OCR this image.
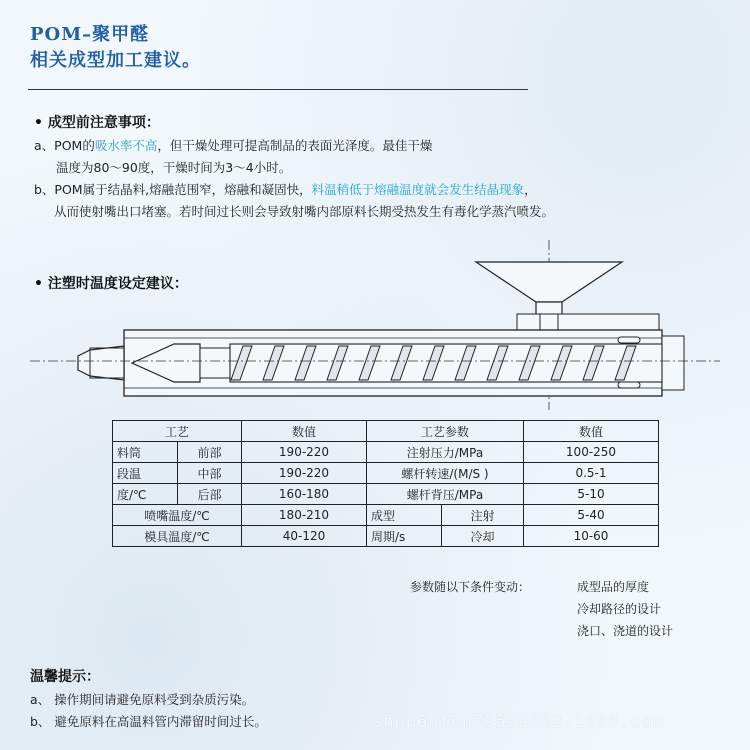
POM–聚甲醛
相关成型加工建议。
• 成型前注意事项：
a、POM的吸水率不高，但干燥处理可提高制品的表面光泽度。最佳干燥
温度为80～90度，干燥时间为3～4小时。
b、POM属于结晶料,熔融范围窄，熔融和凝固快，料温稍低于熔融温度就会发生结晶现象，
从而使射嘴出口堵塞。若时间过长则会导致射嘴内部原料长期受热发生有毒化学蒸汽喷发。
• 注塑时温度设定建议：
工艺		数值	工艺参数		数值
料筒	前部	190-220	注射压力/MPa		100-250
段温	中部	190-220	螺杆转速/(M/S )		0.5-1
度/℃	后部	160-180	螺杆背压/MPa		5-10
喷嘴温度/℃		180-210	成型	注射	5-40
模具温度/℃		40-120	周期/s	冷却	10-60
参数随以下条件变动：	成型品的厚度
冷却路径的设计
浇口、浇道的设计
温馨提示：
a、 操作期间请避免原料受到杂质污染。
b、 避免原料在高温料管内滞留时间过长。	shop6nf6n79559832.1688.com
